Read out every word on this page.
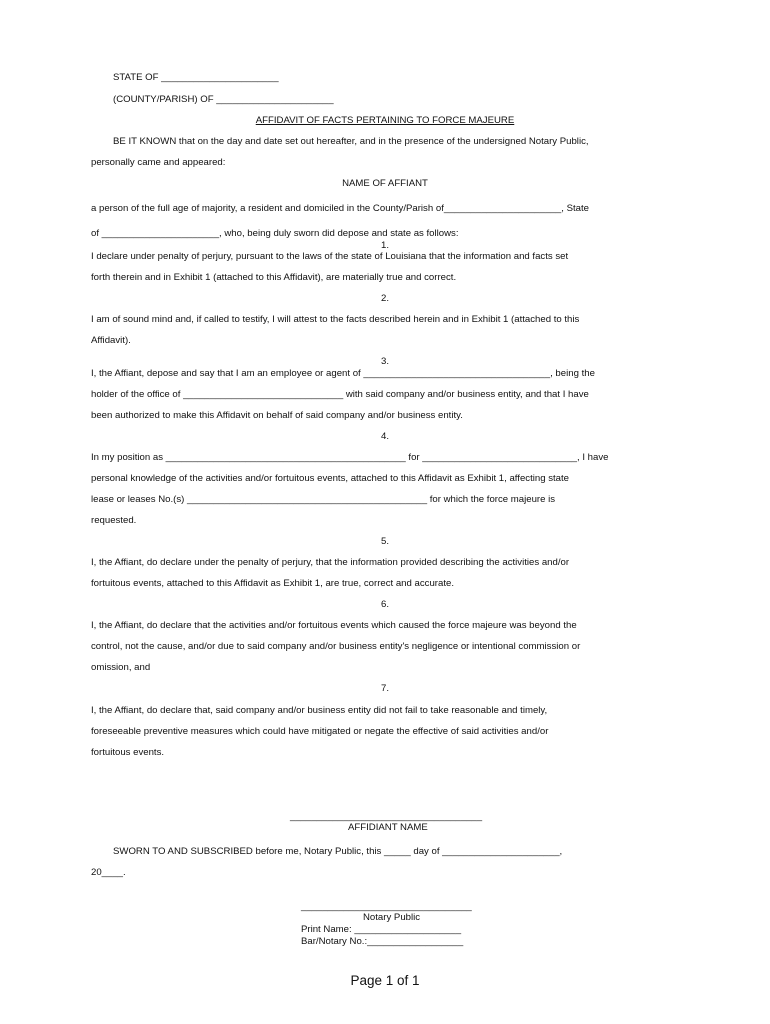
STATE OF ______________________
(COUNTY/PARISH) OF ______________________
AFFIDAVIT OF FACTS PERTAINING TO FORCE MAJEURE
BE IT KNOWN that on the day and date set out hereafter, and in the presence of the undersigned Notary Public,
personally came and appeared:
NAME OF AFFIANT
a person of the full age of majority, a resident and domiciled in the County/Parish of______________________, State
of ______________________, who, being duly sworn did depose and state as follows:
1.
I declare under penalty of perjury, pursuant to the laws of the state of Louisiana that the information and facts set
forth therein and in Exhibit 1 (attached to this Affidavit), are materially true and correct.
2.
I am of sound mind and, if called to testify, I will attest to the facts described herein and in Exhibit 1 (attached to this
Affidavit).
3.
I, the Affiant, depose and say that I am an employee or agent of ___________________________________, being the
holder of the office of ______________________________ with said company and/or business entity, and that I have
been authorized to make this Affidavit on behalf of said company and/or business entity.
4.
In my position as _____________________________________________ for _____________________________, I have
personal knowledge of the activities and/or fortuitous events, attached to this Affidavit as Exhibit 1, affecting state
lease or leases No.(s) _____________________________________________ for which the force majeure is
requested.
5.
I, the Affiant, do declare under the penalty of perjury, that the information provided describing the activities and/or
fortuitous events, attached to this Affidavit as Exhibit 1, are true, correct and accurate.
6.
I, the Affiant, do declare that the activities and/or fortuitous events which caused the force majeure was beyond the
control, not the cause, and/or due to said company and/or business entity's negligence or intentional commission or
omission, and
7.
I, the Affiant, do declare that, said company and/or business entity did not fail to take reasonable and timely,
foreseeable preventive measures which could have mitigated or negate the effective of said activities and/or
fortuitous events.
____________________________________
AFFIDIANT NAME
SWORN TO AND SUBSCRIBED before me, Notary Public, this _____ day of ______________________,
20____.
________________________________
Notary Public
Print Name: ____________________
Bar/Notary No.:__________________
Page 1 of 1
